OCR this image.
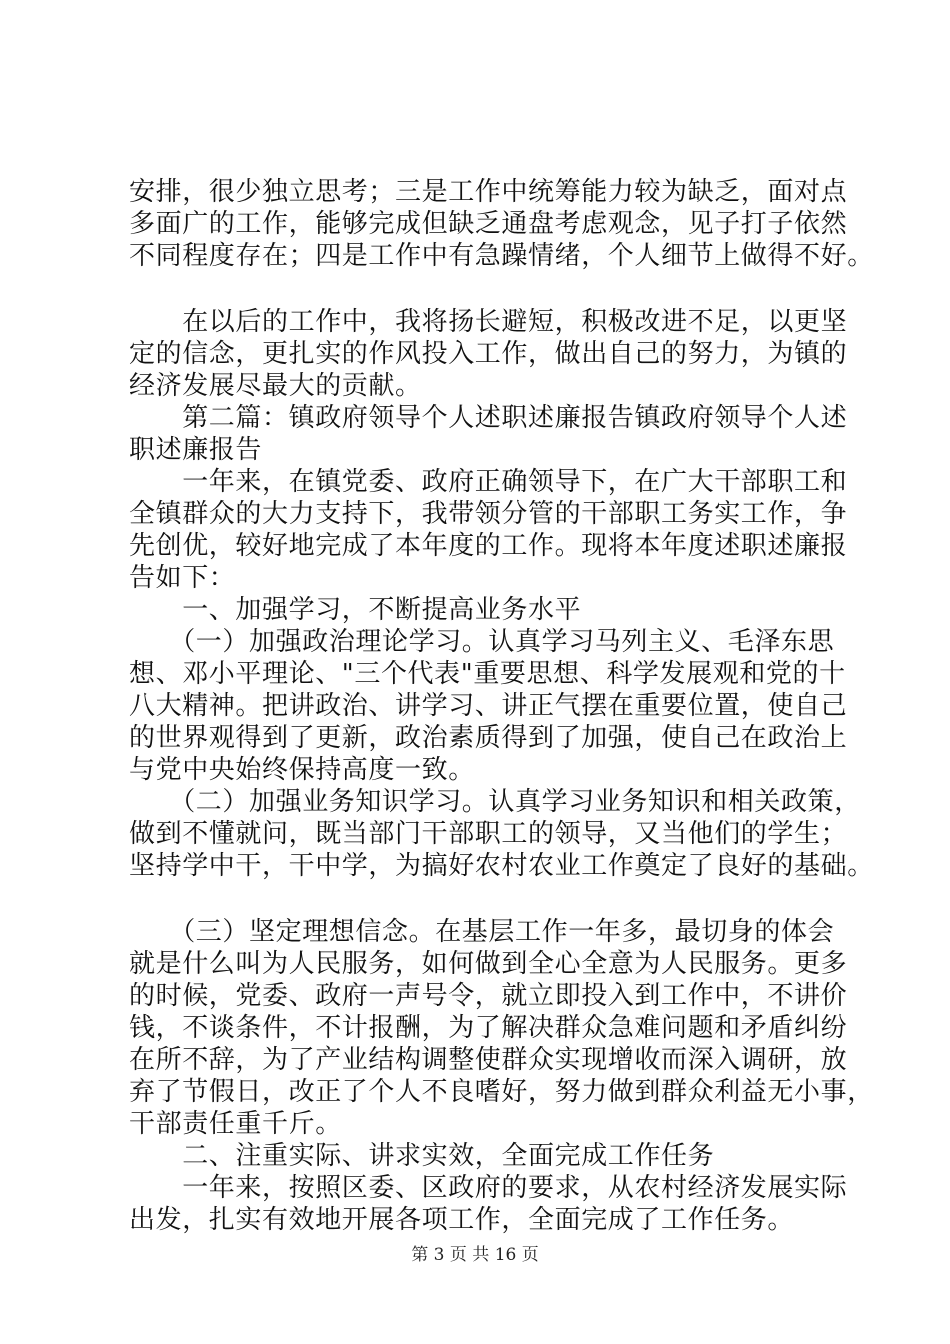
安排，很少独立思考；三是工作中统筹能力较为缺乏，面对点
多面广的工作，能够完成但缺乏通盘考虑观念，见子打子依然
不同程度存在；四是工作中有急躁情绪，个人细节上做得不好。
　　在以后的工作中，我将扬长避短，积极改进不足，以更坚
定的信念，更扎实的作风投入工作，做出自己的努力，为镇的
经济发展尽最大的贡献。
　　第二篇：镇政府领导个人述职述廉报告镇政府领导个人述
职述廉报告
　　一年来，在镇党委、政府正确领导下，在广大干部职工和
全镇群众的大力支持下，我带领分管的干部职工务实工作，争
先创优，较好地完成了本年度的工作。现将本年度述职述廉报
告如下：
　　一、加强学习，不断提高业务水平
　　（一）加强政治理论学习。认真学习马列主义、毛泽东思
想、邓小平理论、"三个代表"重要思想、科学发展观和党的十
八大精神。把讲政治、讲学习、讲正气摆在重要位置，使自己
的世界观得到了更新，政治素质得到了加强，使自己在政治上
与党中央始终保持高度一致。
　　（二）加强业务知识学习。认真学习业务知识和相关政策，
做到不懂就问，既当部门干部职工的领导，又当他们的学生；
坚持学中干，干中学，为搞好农村农业工作奠定了良好的基础。
　　（三）坚定理想信念。在基层工作一年多，最切身的体会
就是什么叫为人民服务，如何做到全心全意为人民服务。更多
的时候，党委、政府一声号令，就立即投入到工作中，不讲价
钱，不谈条件，不计报酬，为了解决群众急难问题和矛盾纠纷
在所不辞，为了产业结构调整使群众实现增收而深入调研，放
弃了节假日，改正了个人不良嗜好，努力做到群众利益无小事，
干部责任重千斤。
　　二、注重实际、讲求实效，全面完成工作任务
　　一年来，按照区委、区政府的要求，从农村经济发展实际
出发，扎实有效地开展各项工作，全面完成了工作任务。
第 3 页 共 16 页
